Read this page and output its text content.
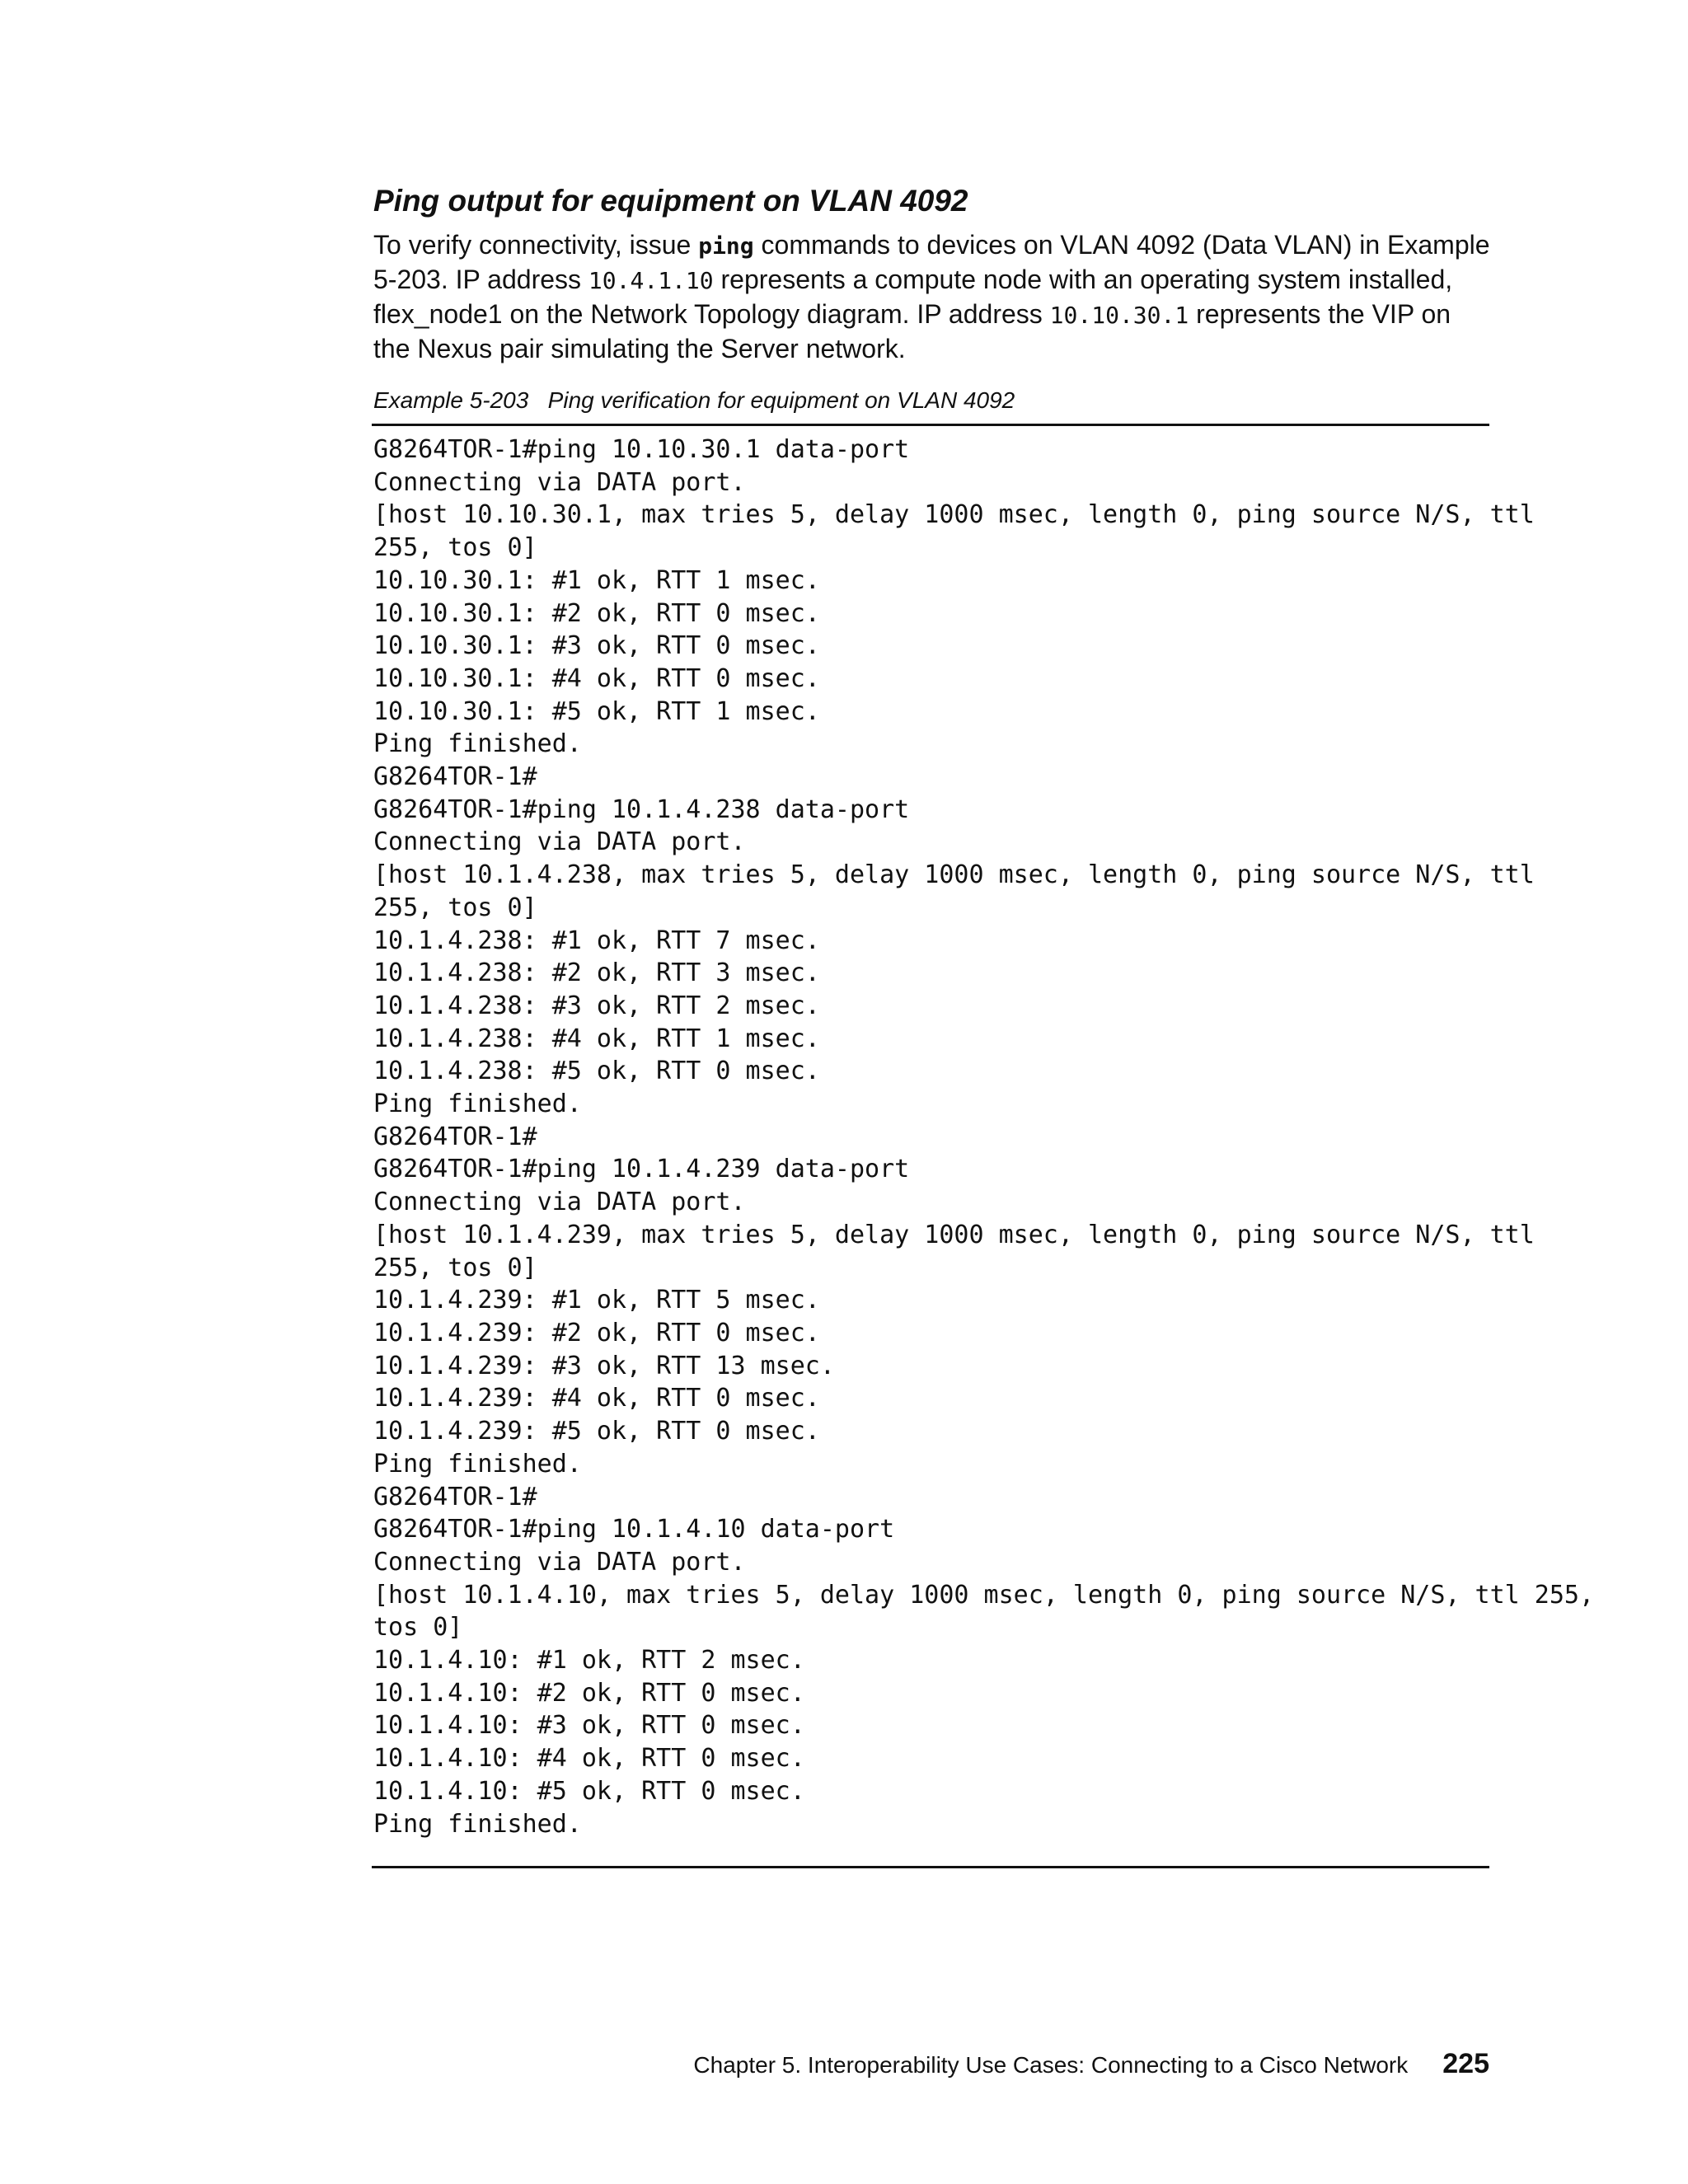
Ping output for equipment on VLAN 4092

To verify connectivity, issue ping commands to devices on VLAN 4092 (Data VLAN) in Example 5-203. IP address 10.4.1.10 represents a compute node with an operating system installed, flex_node1 on the Network Topology diagram. IP address 10.10.30.1 represents the VIP on the Nexus pair simulating the Server network.

Example 5-203   Ping verification for equipment on VLAN 4092
G8264TOR-1#ping 10.10.30.1 data-port
Connecting via DATA port.
[host 10.10.30.1, max tries 5, delay 1000 msec, length 0, ping source N/S, ttl
255, tos 0]
10.10.30.1: #1 ok, RTT 1 msec.
10.10.30.1: #2 ok, RTT 0 msec.
10.10.30.1: #3 ok, RTT 0 msec.
10.10.30.1: #4 ok, RTT 0 msec.
10.10.30.1: #5 ok, RTT 1 msec.
Ping finished.
G8264TOR-1#
G8264TOR-1#ping 10.1.4.238 data-port
Connecting via DATA port.
[host 10.1.4.238, max tries 5, delay 1000 msec, length 0, ping source N/S, ttl
255, tos 0]
10.1.4.238: #1 ok, RTT 7 msec.
10.1.4.238: #2 ok, RTT 3 msec.
10.1.4.238: #3 ok, RTT 2 msec.
10.1.4.238: #4 ok, RTT 1 msec.
10.1.4.238: #5 ok, RTT 0 msec.
Ping finished.
G8264TOR-1#
G8264TOR-1#ping 10.1.4.239 data-port
Connecting via DATA port.
[host 10.1.4.239, max tries 5, delay 1000 msec, length 0, ping source N/S, ttl
255, tos 0]
10.1.4.239: #1 ok, RTT 5 msec.
10.1.4.239: #2 ok, RTT 0 msec.
10.1.4.239: #3 ok, RTT 13 msec.
10.1.4.239: #4 ok, RTT 0 msec.
10.1.4.239: #5 ok, RTT 0 msec.
Ping finished.
G8264TOR-1#
G8264TOR-1#ping 10.1.4.10 data-port
Connecting via DATA port.
[host 10.1.4.10, max tries 5, delay 1000 msec, length 0, ping source N/S, ttl 255,
tos 0]
10.1.4.10: #1 ok, RTT 2 msec.
10.1.4.10: #2 ok, RTT 0 msec.
10.1.4.10: #3 ok, RTT 0 msec.
10.1.4.10: #4 ok, RTT 0 msec.
10.1.4.10: #5 ok, RTT 0 msec.
Ping finished.
Chapter 5. Interoperability Use Cases: Connecting to a Cisco Network 225
